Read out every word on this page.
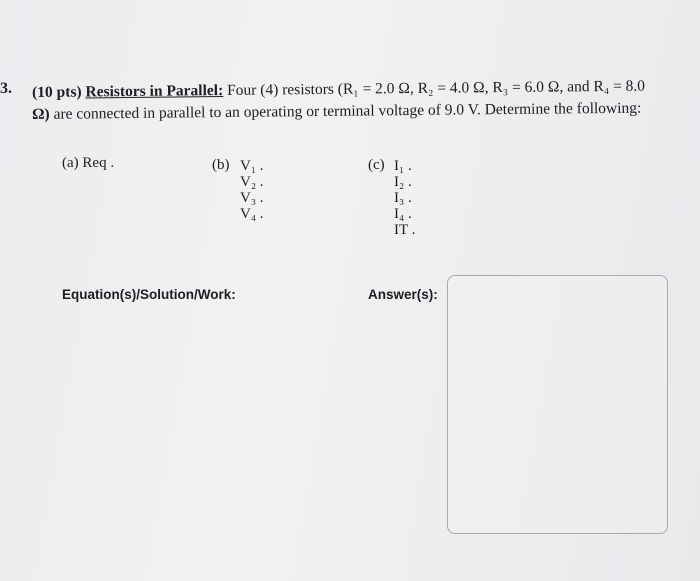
3. (10 pts) Resistors in Parallel: Four (4) resistors (R₁ = 2.0 Ω, R₂ = 4.0 Ω, R₃ = 6.0 Ω, and R₄ = 8.0
Ω) are connected in parallel to an operating or terminal voltage of 9.0 V. Determine the following:
(a) Req .	(b) V₁ .
V₂ .
V₃ .
V₄ .
(c) I₁ .
I₂ .
I₃ .
I₄ .
IT .
Equation(s)/Solution/Work:	Answer(s):
